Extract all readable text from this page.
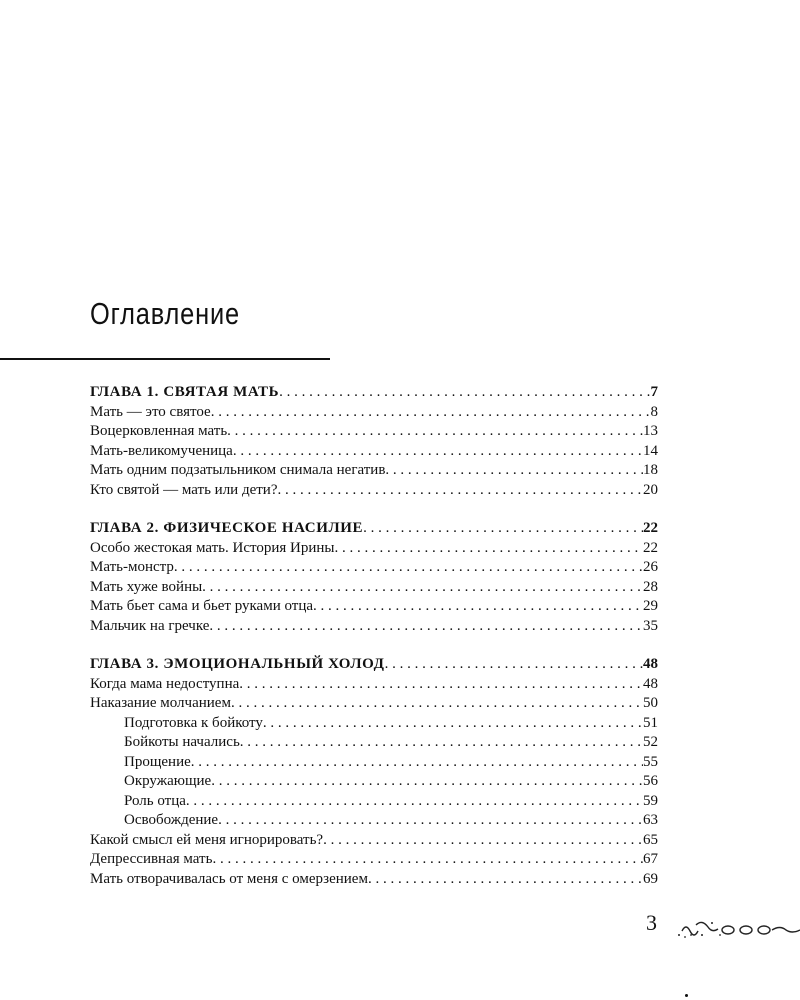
Оглавление
ГЛАВА 1. СВЯТАЯ МАТЬ . . .	7
Мать — это святое . . .	8
Воцерковленная мать . . .	13
Мать-великомученица . . .	14
Мать одним подзатыльником снимала негатив . . .	18
Кто святой — мать или дети? . . .	20
ГЛАВА 2. ФИЗИЧЕСКОЕ НАСИЛИЕ . . .	22
Особо жестокая мать. История Ирины . . .	22
Мать-монстр . . .	26
Мать хуже войны . . .	28
Мать бьет сама и бьет руками отца . . .	29
Мальчик на гречке . . .	35
ГЛАВА 3. ЭМОЦИОНАЛЬНЫЙ ХОЛОД . . .	48
Когда мама недоступна . . .	48
Наказание молчанием . . .	50
Подготовка к бойкоту . . .	51
Бойкоты начались . . .	52
Прощение . . .	55
Окружающие . . .	56
Роль отца . . .	59
Освобождение . . .	63
Какой смысл ей меня игнорировать? . . .	65
Депрессивная мать . . .	67
Мать отворачивалась от меня с омерзением . . .	69
3
